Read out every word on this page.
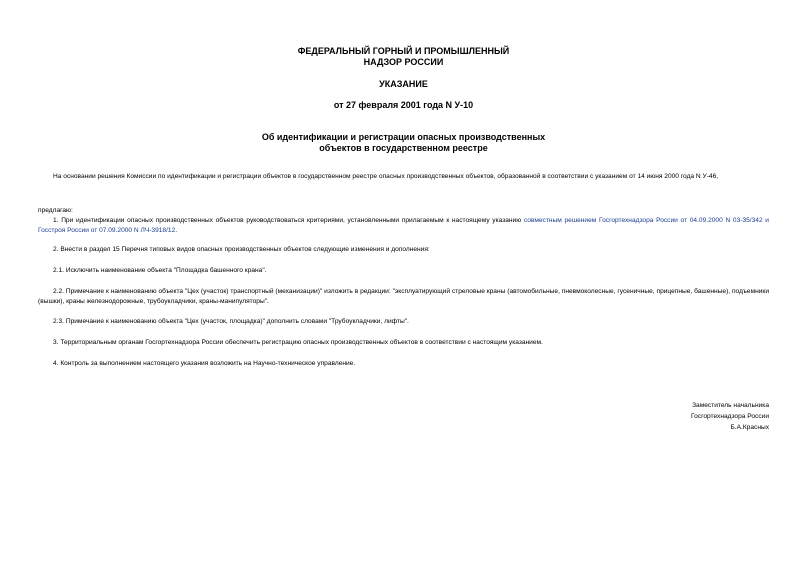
ФЕДЕРАЛЬНЫЙ ГОРНЫЙ И ПРОМЫШЛЕННЫЙ
НАДЗОР РОССИИ
УКАЗАНИЕ
от 27 февраля 2001 года N У-10
Об идентификации и регистрации опасных производственных
объектов в государственном реестре

На основании решения Комиссии по идентификации и регистрации объектов в государственном реестре опасных производственных объектов, образованной в соответствии с указанием от 14 июня 2000 года N У-46,

предлагаю:

1. При идентификации опасных производственных объектов руководствоваться критериями, установленными прилагаемым к настоящему указанию совместным решением Госгортехнадзора России от 04.09.2000 N 03-35/342 и Госстроя России от 07.09.2000 N ЛЧ-3918/12.

2. Внести в раздел 15 Перечня типовых видов опасных производственных объектов следующие изменения и дополнения:

2.1. Исключить наименование объекта "Площадка башенного крана".

2.2. Примечание к наименованию объекта "Цех (участок) транспортный (механизации)" изложить в редакции: "эксплуатирующий стреловые краны (автомобильные, пневмоколесные, гусеничные, прицепные, башенные), подъемники (вышки), краны железнодорожные, трубоукладчики, краны-манипуляторы".

2.3. Примечание к наименованию объекта "Цех (участок, площадка)" дополнить словами "Трубоукладчики, лифты".

3. Территориальным органам Госгортехнадзора России обеспечить регистрацию опасных производственных объектов в соответствии с настоящим указанием.

4. Контроль за выполнением настоящего указания возложить на Научно-техническое управление.

Заместитель начальника
Госгортехнадзора России
Б.А.Красных
